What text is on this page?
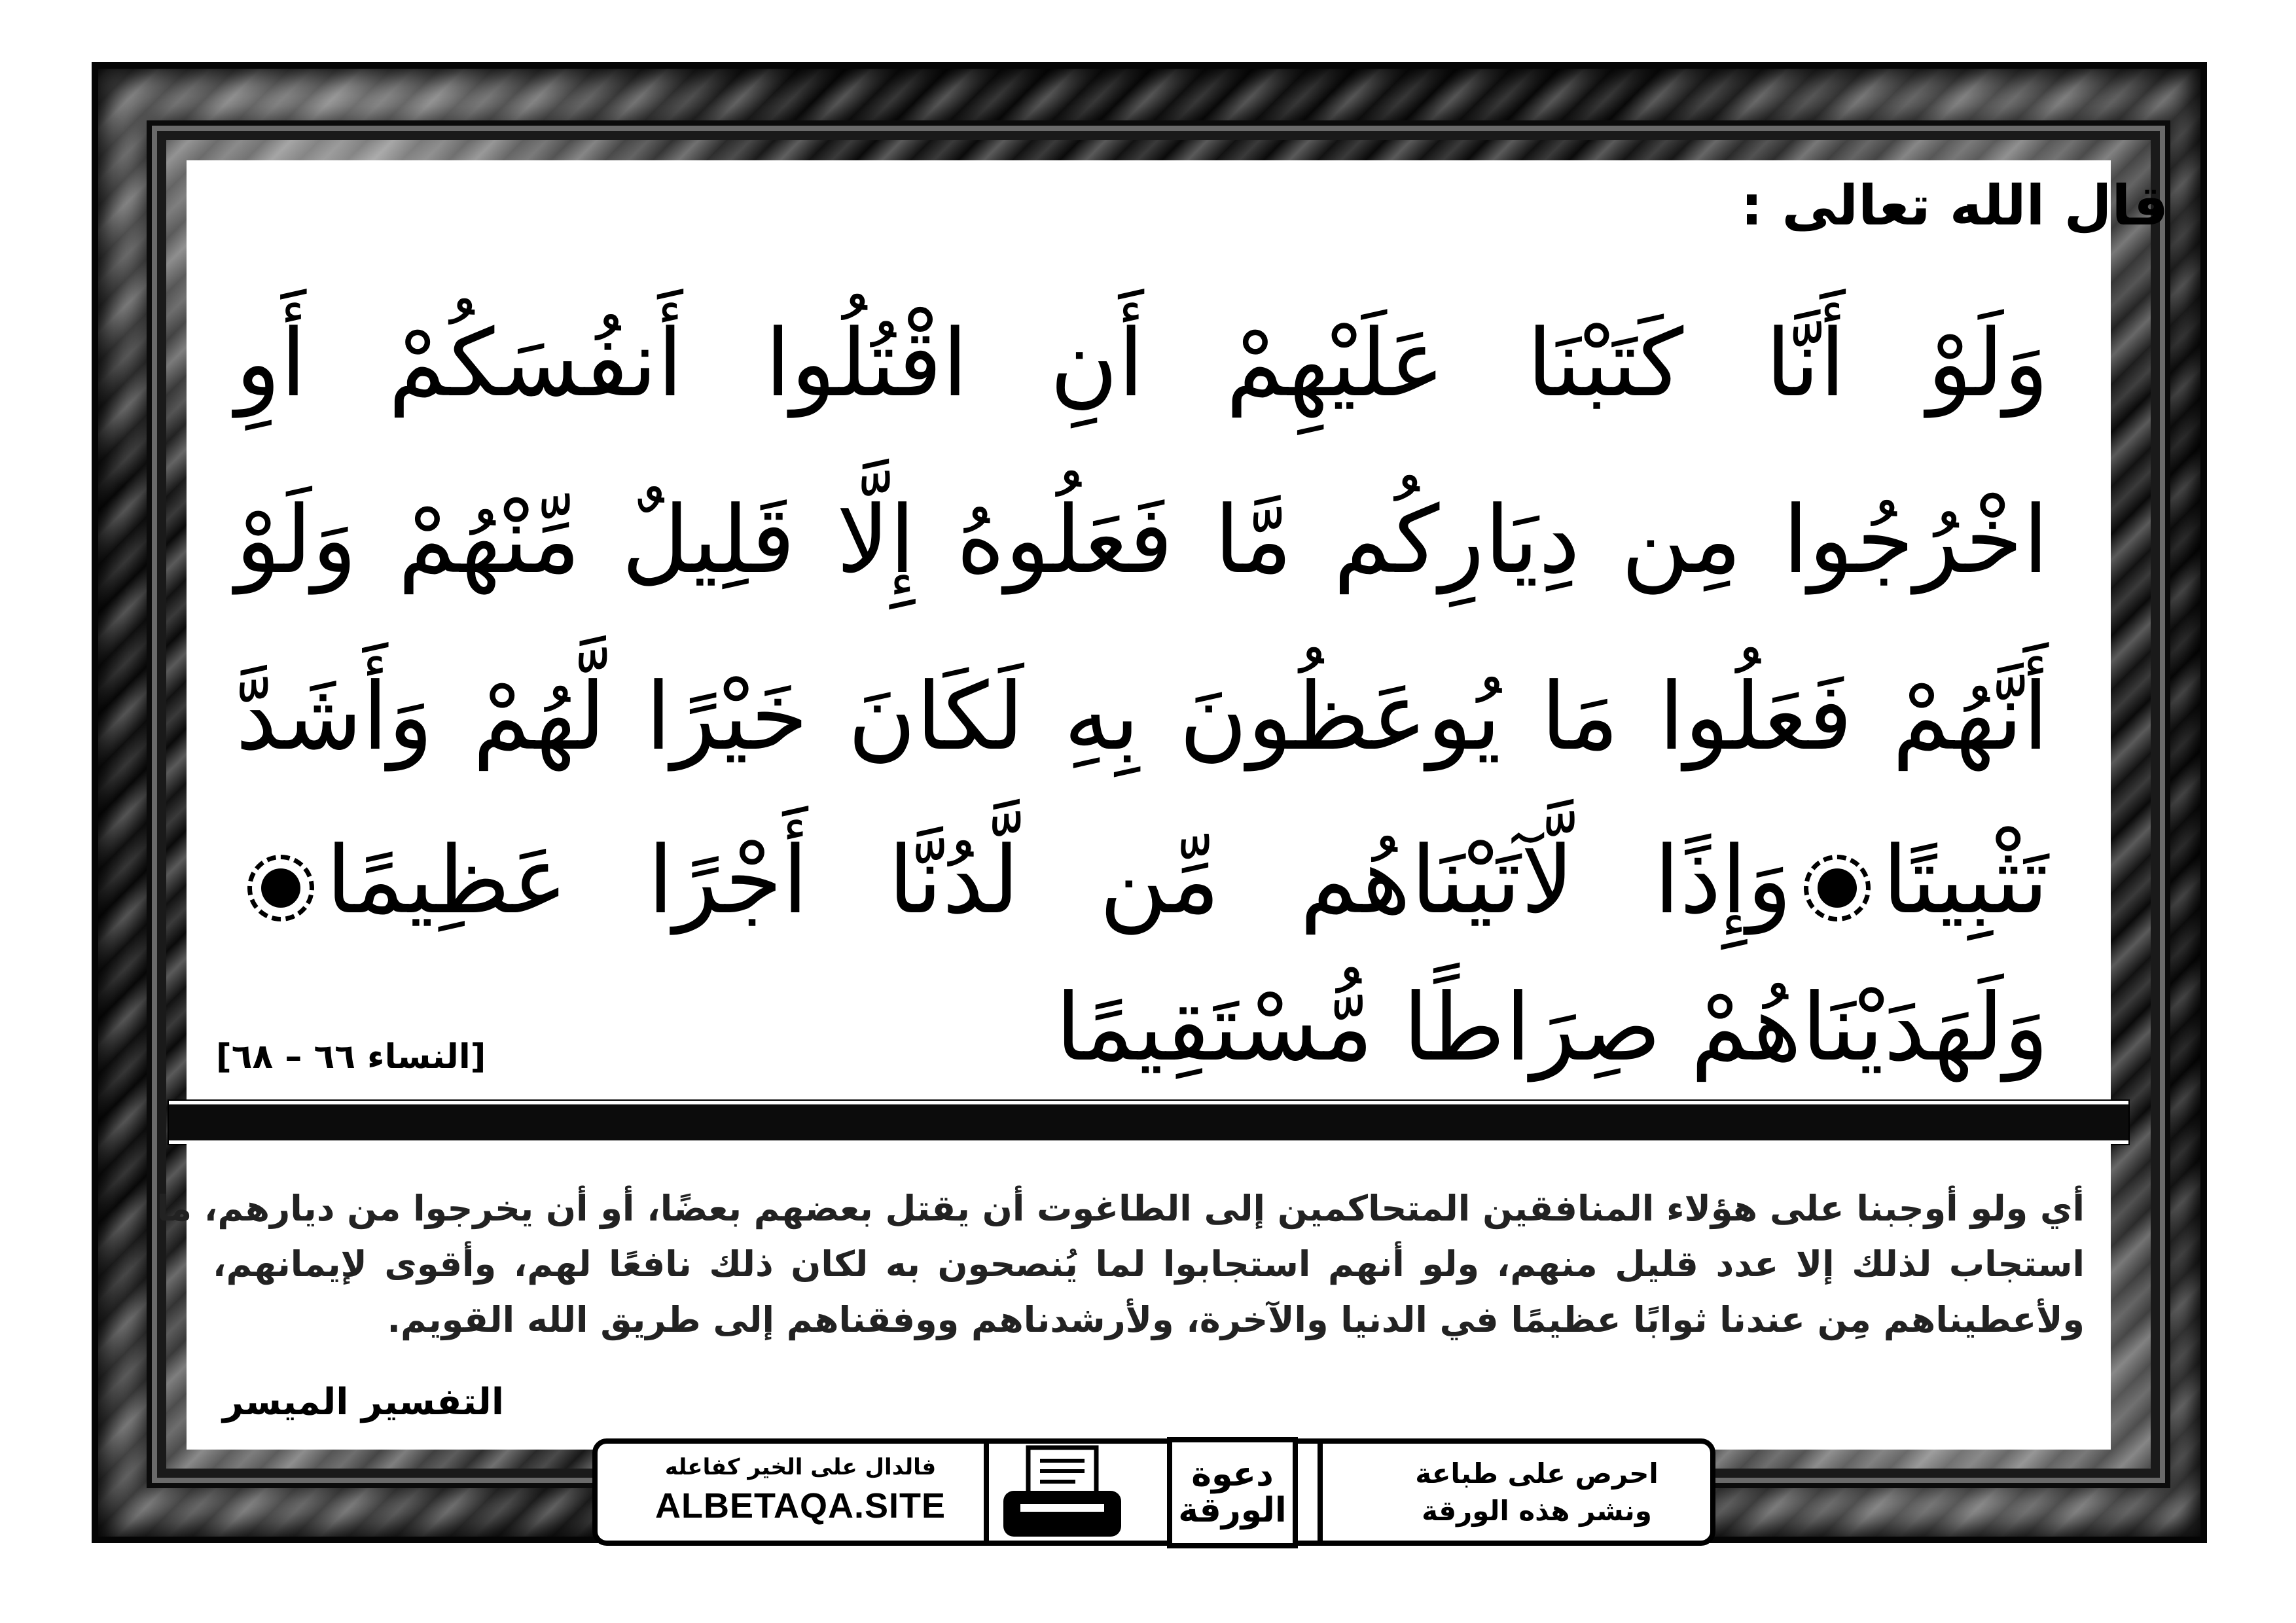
قال الله تعالى :
وَلَوْ أَنَّا كَتَبْنَا عَلَيْهِمْ أَنِ اقْتُلُوا أَنفُسَكُمْ أَوِ
اخْرُجُوا مِن دِيَارِكُم مَّا فَعَلُوهُ إِلَّا قَلِيلٌ مِّنْهُمْ وَلَوْ
أَنَّهُمْ فَعَلُوا مَا يُوعَظُونَ بِهِ لَكَانَ خَيْرًا لَّهُمْ وَأَشَدَّ
تَثْبِيتًاوَإِذًا لَّآتَيْنَاهُم مِّن لَّدُنَّا أَجْرًا عَظِيمًا
وَلَهَدَيْنَاهُمْ صِرَاطًا مُّسْتَقِيمًا
[النساء ٦٦ – ٦٨]
أي ولو أوجبنا على هؤلاء المنافقين المتحاكمين إلى الطاغوت أن يقتل بعضهم بعضًا، أو أن يخرجوا من ديارهم، ما
استجاب لذلك إلا عدد قليل منهم، ولو أنهم استجابوا لما يُنصحون به لكان ذلك نافعًا لهم، وأقوى لإيمانهم،
ولأعطيناهم مِن عندنا ثوابًا عظيمًا في الدنيا والآخرة، ولأرشدناهم ووفقناهم إلى طريق الله القويم.
التفسير الميسر
احرص على طباعة
ونشر هذه الورقة
دعوة
الورقة
فالدال على الخير كفاعله
ALBETAQA.SITE
